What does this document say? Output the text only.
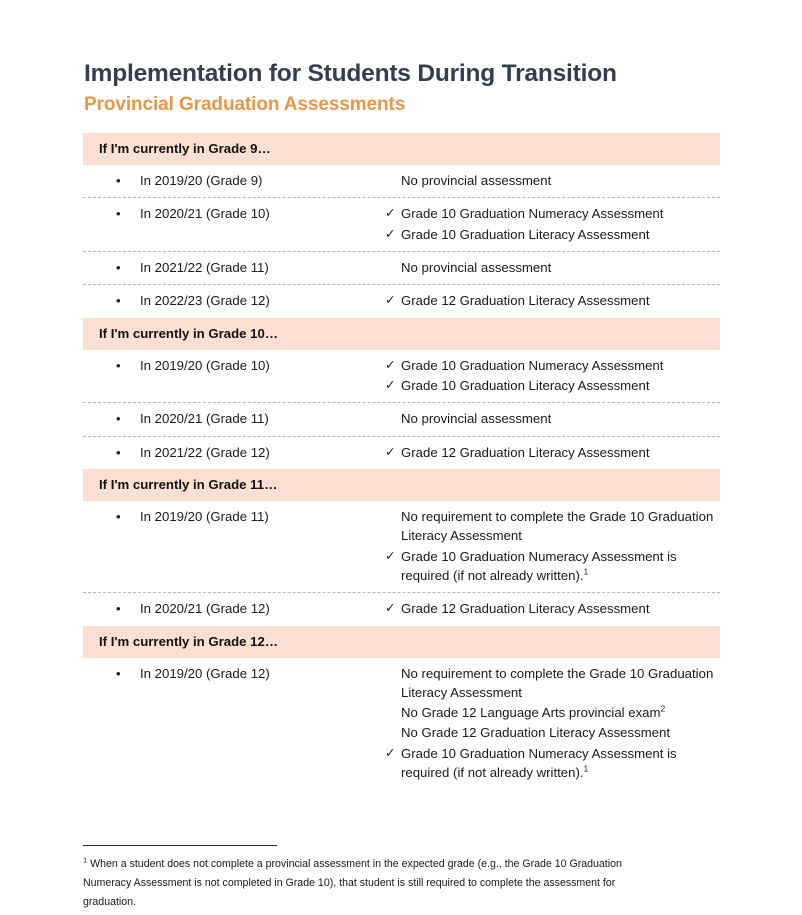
Implementation for Students During Transition
Provincial Graduation Assessments
If I'm currently in Grade 9…
•	In 2019/20 (Grade 9)	No provincial assessment
•	In 2020/21 (Grade 10)	✓ Grade 10 Graduation Numeracy Assessment
✓ Grade 10 Graduation Literacy Assessment
•	In 2021/22 (Grade 11)	No provincial assessment
•	In 2022/23 (Grade 12)	✓ Grade 12 Graduation Literacy Assessment
If I'm currently in Grade 10…
•	In 2019/20 (Grade 10)	✓ Grade 10 Graduation Numeracy Assessment
✓ Grade 10 Graduation Literacy Assessment
•	In 2020/21 (Grade 11)	No provincial assessment
•	In 2021/22 (Grade 12)	✓ Grade 12 Graduation Literacy Assessment
If I'm currently in Grade 11…
•	In 2019/20 (Grade 11)	No requirement to complete the Grade 10 Graduation Literacy Assessment
✓ Grade 10 Graduation Numeracy Assessment is required (if not already written).$^1$
•	In 2020/21 (Grade 12)	✓ Grade 12 Graduation Literacy Assessment
If I'm currently in Grade 12…
•	In 2019/20 (Grade 12)	No requirement to complete the Grade 10 Graduation Literacy Assessment
No Grade 12 Language Arts provincial exam$^2$
No Grade 12 Graduation Literacy Assessment
✓ Grade 10 Graduation Numeracy Assessment is required (if not already written).$^1$
$^1$ When a student does not complete a provincial assessment in the expected grade (e.g., the Grade 10 Graduation Numeracy Assessment is not completed in Grade 10), that student is still required to complete the assessment for graduation.
